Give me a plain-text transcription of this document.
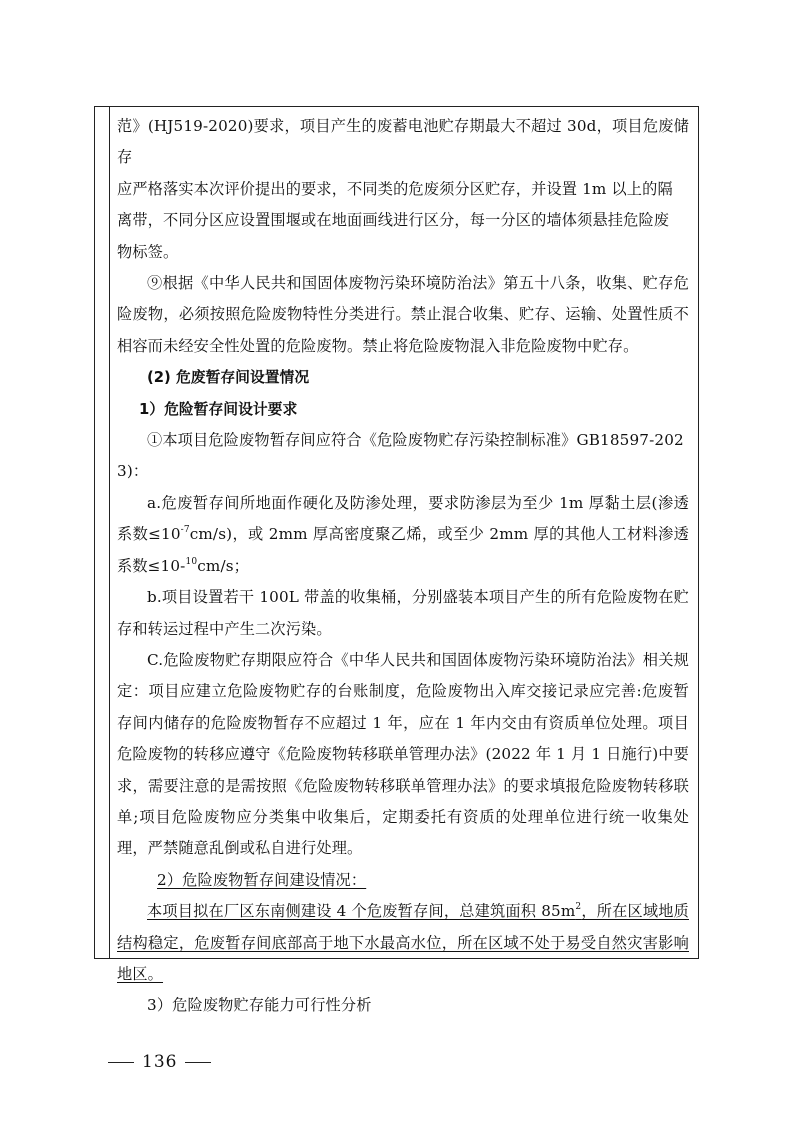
范》(HJ519-2020)要求，项目产生的废蓄电池贮存期最大不超过 30d，项目危废储存

应严格落实本次评价提出的要求，不同类的危废须分区贮存，并设置 1m 以上的隔

离带，不同分区应设置围堰或在地面画线进行区分，每一分区的墙体须悬挂危险废

物标签。

⑨根据《中华人民共和国固体废物污染环境防治法》第五十八条，收集、贮存危险废物，必须按照危险废物特性分类进行。禁止混合收集、贮存、运输、处置性质不相容而未经安全性处置的危险废物。禁止将危险废物混入非危险废物中贮存。

(2) 危废暂存间设置情况

1）危险暂存间设计要求

①本项目危险废物暂存间应符合《危险废物贮存污染控制标准》GB18597-202

3)：

a.危废暂存间所地面作硬化及防渗处理，要求防渗层为至少 1m 厚黏土层(渗透系数$\le 10^{-7}cm/s$)，或 2mm 厚高密度聚乙烯，或至少 2mm 厚的其他人工材料渗透系数≤10-$^{10}$cm/s；

b.项目设置若干 100L 带盖的收集桶，分别盛装本项目产生的所有危险废物在贮存和转运过程中产生二次污染。

C.危险废物贮存期限应符合《中华人民共和国固体废物污染环境防治法》相关规定：项目应建立危险废物贮存的台账制度，危险废物出入库交接记录应完善:危废暂存间内储存的危险废物暂存不应超过 1 年，应在 1 年内交由有资质单位处理。项目危险废物的转移应遵守《危险废物转移联单管理办法》(2022 年 1 月 1 日施行)中要求，需要注意的是需按照《危险废物转移联单管理办法》的要求填报危险废物转移联单;项目危险废物应分类集中收集后，定期委托有资质的处理单位进行统一收集处理，严禁随意乱倒或私自进行处理。

2）危险废物暂存间建设情况：

本项目拟在厂区东南侧建设 4 个危废暂存间，总建筑面积 $85m^2$，所在区域地质结构稳定，危废暂存间底部高于地下水最高水位，所在区域不处于易受自然灾害影响地区。

3）危险废物贮存能力可行性分析

136
